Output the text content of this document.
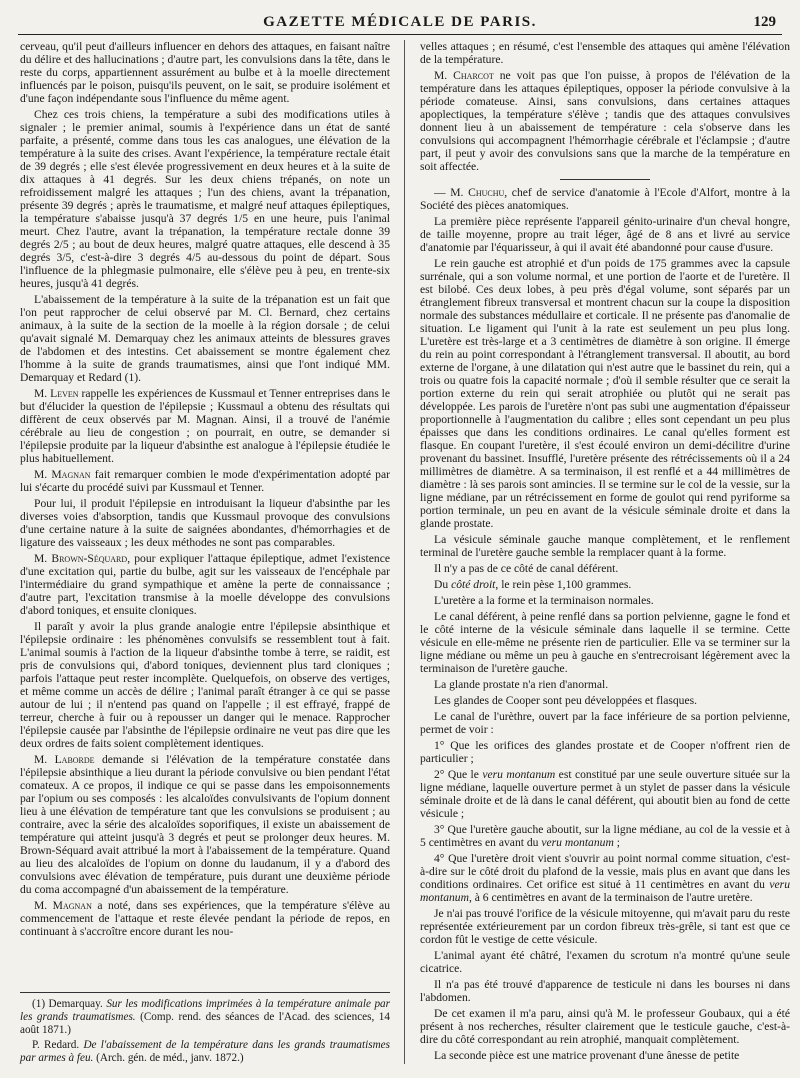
GAZETTE MÉDICALE DE PARIS.	129

cerveau, qu'il peut d'ailleurs influencer en dehors des attaques, en faisant naître du délire et des hallucinations ; d'autre part, les convulsions dans la tête, dans le reste du corps, appartiennent assurément au bulbe et à la moelle directement influencés par le poison, puisqu'ils peuvent, on le sait, se produire isolément et d'une façon indépendante sous l'influence du même agent.

Chez ces trois chiens, la température a subi des modifications utiles à signaler ; le premier animal, soumis à l'expérience dans un état de santé parfaite, a présenté, comme dans tous les cas analogues, une élévation de la température à la suite des crises. Avant l'expérience, la température rectale était de 39 degrés ; elle s'est élevée progressivement en deux heures et à la suite de dix attaques à 41 degrés. Sur les deux chiens trépanés, on note un refroidissement malgré les attaques ; l'un des chiens, avant la trépanation, présente 39 degrés ; après le traumatisme, et malgré neuf attaques épileptiques, la température s'abaisse jusqu'à 37 degrés 1/5 en une heure, puis l'animal meurt. Chez l'autre, avant la trépanation, la température rectale donne 39 degrés 2/5 ; au bout de deux heures, malgré quatre attaques, elle descend à 35 degrés 3/5, c'est-à-dire 3 degrés 4/5 au-dessous du point de départ. Sous l'influence de la phlegmasie pulmonaire, elle s'élève peu à peu, en trente-six heures, jusqu'à 41 degrés.

L'abaissement de la température à la suite de la trépanation est un fait que l'on peut rapprocher de celui observé par M. Cl. Bernard, chez certains animaux, à la suite de la section de la moelle à la région dorsale ; de celui qu'avait signalé M. Demarquay chez les animaux atteints de blessures graves de l'abdomen et des intestins. Cet abaissement se montre également chez l'homme à la suite de grands traumatismes, ainsi que l'ont indiqué MM. Demarquay et Redard (1).

M. Leven rappelle les expériences de Kussmaul et Tenner entreprises dans le but d'élucider la question de l'épilepsie ; Kussmaul a obtenu des résultats qui diffèrent de ceux observés par M. Magnan. Ainsi, il a trouvé de l'anémie cérébrale au lieu de congestion ; on pourrait, en outre, se demander si l'épilepsie produite par la liqueur d'absinthe est analogue à l'épilepsie étudiée le plus habituellement.

M. Magnan fait remarquer combien le mode d'expérimentation adopté par lui s'écarte du procédé suivi par Kussmaul et Tenner.

Pour lui, il produit l'épilepsie en introduisant la liqueur d'absinthe par les diverses voies d'absorption, tandis que Kussmaul provoque des convulsions d'une certaine nature à la suite de saignées abondantes, d'hémorrhagies et de ligature des vaisseaux ; les deux méthodes ne sont pas comparables.

M. Brown-Séquard, pour expliquer l'attaque épileptique, admet l'existence d'une excitation qui, partie du bulbe, agit sur les vaisseaux de l'encéphale par l'intermédiaire du grand sympathique et amène la perte de connaissance ; d'autre part, l'excitation transmise à la moelle développe des convulsions d'abord toniques, et ensuite cloniques.

Il paraît y avoir la plus grande analogie entre l'épilepsie absinthique et l'épilepsie ordinaire : les phénomènes convulsifs se ressemblent tout à fait. L'animal soumis à l'action de la liqueur d'absinthe tombe à terre, se raidit, est pris de convulsions qui, d'abord toniques, deviennent plus tard cloniques ; parfois l'attaque peut rester incomplète. Quelquefois, on observe des vertiges, et même comme un accès de délire ; l'animal paraît étranger à ce qui se passe autour de lui ; il n'entend pas quand on l'appelle ; il est effrayé, frappé de terreur, cherche à fuir ou à repousser un danger qui le menace. Rapprocher l'épilepsie causée par l'absinthe de l'épilepsie ordinaire ne veut pas dire que les deux ordres de faits soient complètement identiques.

M. Laborde demande si l'élévation de la température constatée dans l'épilepsie absinthique a lieu durant la période convulsive ou bien pendant l'état comateux. A ce propos, il indique ce qui se passe dans les empoisonnements par l'opium ou ses composés : les alcaloïdes convulsivants de l'opium donnent lieu à une élévation de température tant que les convulsions se produisent ; au contraire, avec la série des alcaloïdes soporifiques, il existe un abaissement de température qui atteint jusqu'à 3 degrés et peut se prolonger deux heures. M. Brown-Séquard avait attribué la mort à l'abaissement de la température. Quand au lieu des alcaloïdes de l'opium on donne du laudanum, il y a d'abord des convulsions avec élévation de température, puis durant une deuxième période du coma accompagné d'un abaissement de la température.

M. Magnan a noté, dans ses expériences, que la température s'élève au commencement de l'attaque et reste élevée pendant la période de repos, en continuant à s'accroître encore durant les nou-

(1) Demarquay. Sur les modifications imprimées à la température animale par les grands traumatismes. (Comp. rend. des séances de l'Acad. des sciences, 14 août 1871.)

P. Redard. De l'abaissement de la température dans les grands traumatismes par armes à feu. (Arch. gén. de méd., janv. 1872.)

velles attaques ; en résumé, c'est l'ensemble des attaques qui amène l'élévation de la température.

M. Charcot ne voit pas que l'on puisse, à propos de l'élévation de la température dans les attaques épileptiques, opposer la période convulsive à la période comateuse. Ainsi, sans convulsions, dans certaines attaques apoplectiques, la température s'élève ; tandis que des attaques convulsives donnent lieu à un abaissement de température : cela s'observe dans les convulsions qui accompagnent l'hémorrhagie cérébrale et l'éclampsie ; d'autre part, il peut y avoir des convulsions sans que la marche de la température en soit affectée.

— M. Chuchu, chef de service d'anatomie à l'Ecole d'Alfort, montre à la Société des pièces anatomiques.

La première pièce représente l'appareil génito-urinaire d'un cheval hongre, de taille moyenne, propre au trait léger, âgé de 8 ans et livré au service d'anatomie par l'équarisseur, à qui il avait été abandonné pour cause d'usure.

Le rein gauche est atrophié et d'un poids de 175 grammes avec la capsule surrénale, qui a son volume normal, et une portion de l'aorte et de l'uretère. Il est bilobé. Ces deux lobes, à peu près d'égal volume, sont séparés par un étranglement fibreux transversal et montrent chacun sur la coupe la disposition normale des substances médullaire et corticale. Il ne présente pas d'anomalie de situation. Le ligament qui l'unit à la rate est seulement un peu plus long. L'uretère est très-large et a 3 centimètres de diamètre à son origine. Il émerge du rein au point correspondant à l'étranglement transversal. Il aboutit, au bord externe de l'organe, à une dilatation qui n'est autre que le bassinet du rein, qui a trois ou quatre fois la capacité normale ; d'où il semble résulter que ce serait la portion externe du rein qui serait atrophiée ou plutôt qui ne serait pas développée. Les parois de l'uretère n'ont pas subi une augmentation d'épaisseur proportionnelle à l'augmentation du calibre ; elles sont cependant un peu plus épaisses que dans les conditions ordinaires. Le canal qu'elles forment est flasque. En coupant l'uretère, il s'est écoulé environ un demi-décilitre d'urine provenant du bassinet. Insufflé, l'uretère présente des rétrécissements où il a 24 millimètres de diamètre. A sa terminaison, il est renflé et a 44 millimètres de diamètre : là ses parois sont amincies. Il se termine sur le col de la vessie, sur la ligne médiane, par un rétrécissement en forme de goulot qui rend pyriforme sa portion terminale, un peu en avant de la vésicule séminale droite et dans la glande prostate.

La vésicule séminale gauche manque complètement, et le renflement terminal de l'uretère gauche semble la remplacer quant à la forme.

Il n'y a pas de ce côté de canal déférent.

Du côté droit, le rein pèse 1,100 grammes.

L'uretère a la forme et la terminaison normales.

Le canal déférent, à peine renflé dans sa portion pelvienne, gagne le fond et le côté interne de la vésicule séminale dans laquelle il se termine. Cette vésicule en elle-même ne présente rien de particulier. Elle va se terminer sur la ligne médiane ou même un peu à gauche en s'entrecroisant légèrement avec la terminaison de l'uretère gauche.

La glande prostate n'a rien d'anormal.

Les glandes de Cooper sont peu développées et flasques.

Le canal de l'urèthre, ouvert par la face inférieure de sa portion pelvienne, permet de voir :

1° Que les orifices des glandes prostate et de Cooper n'offrent rien de particulier ;

2° Que le veru montanum est constitué par une seule ouverture située sur la ligne médiane, laquelle ouverture permet à un stylet de passer dans la vésicule séminale droite et de là dans le canal déférent, qui aboutit bien au fond de cette vésicule ;

3° Que l'uretère gauche aboutit, sur la ligne médiane, au col de la vessie et à 5 centimètres en avant du veru montanum ;

4° Que l'uretère droit vient s'ouvrir au point normal comme situation, c'est-à-dire sur le côté droit du plafond de la vessie, mais plus en avant que dans les conditions ordinaires. Cet orifice est situé à 11 centimètres en avant du veru montanum, à 6 centimètres en avant de la terminaison de l'autre uretère.

Je n'ai pas trouvé l'orifice de la vésicule mitoyenne, qui m'avait paru du reste représentée extérieurement par un cordon fibreux très-grêle, si tant est que ce cordon fût le vestige de cette vésicule.

L'animal ayant été châtré, l'examen du scrotum n'a montré qu'une seule cicatrice.

Il n'a pas été trouvé d'apparence de testicule ni dans les bourses ni dans l'abdomen.

De cet examen il m'a paru, ainsi qu'à M. le professeur Goubaux, qui a été présent à nos recherches, résulter clairement que le testicule gauche, c'est-à-dire du côté correspondant au rein atrophié, manquait complètement.

La seconde pièce est une matrice provenant d'une ânesse de petite
